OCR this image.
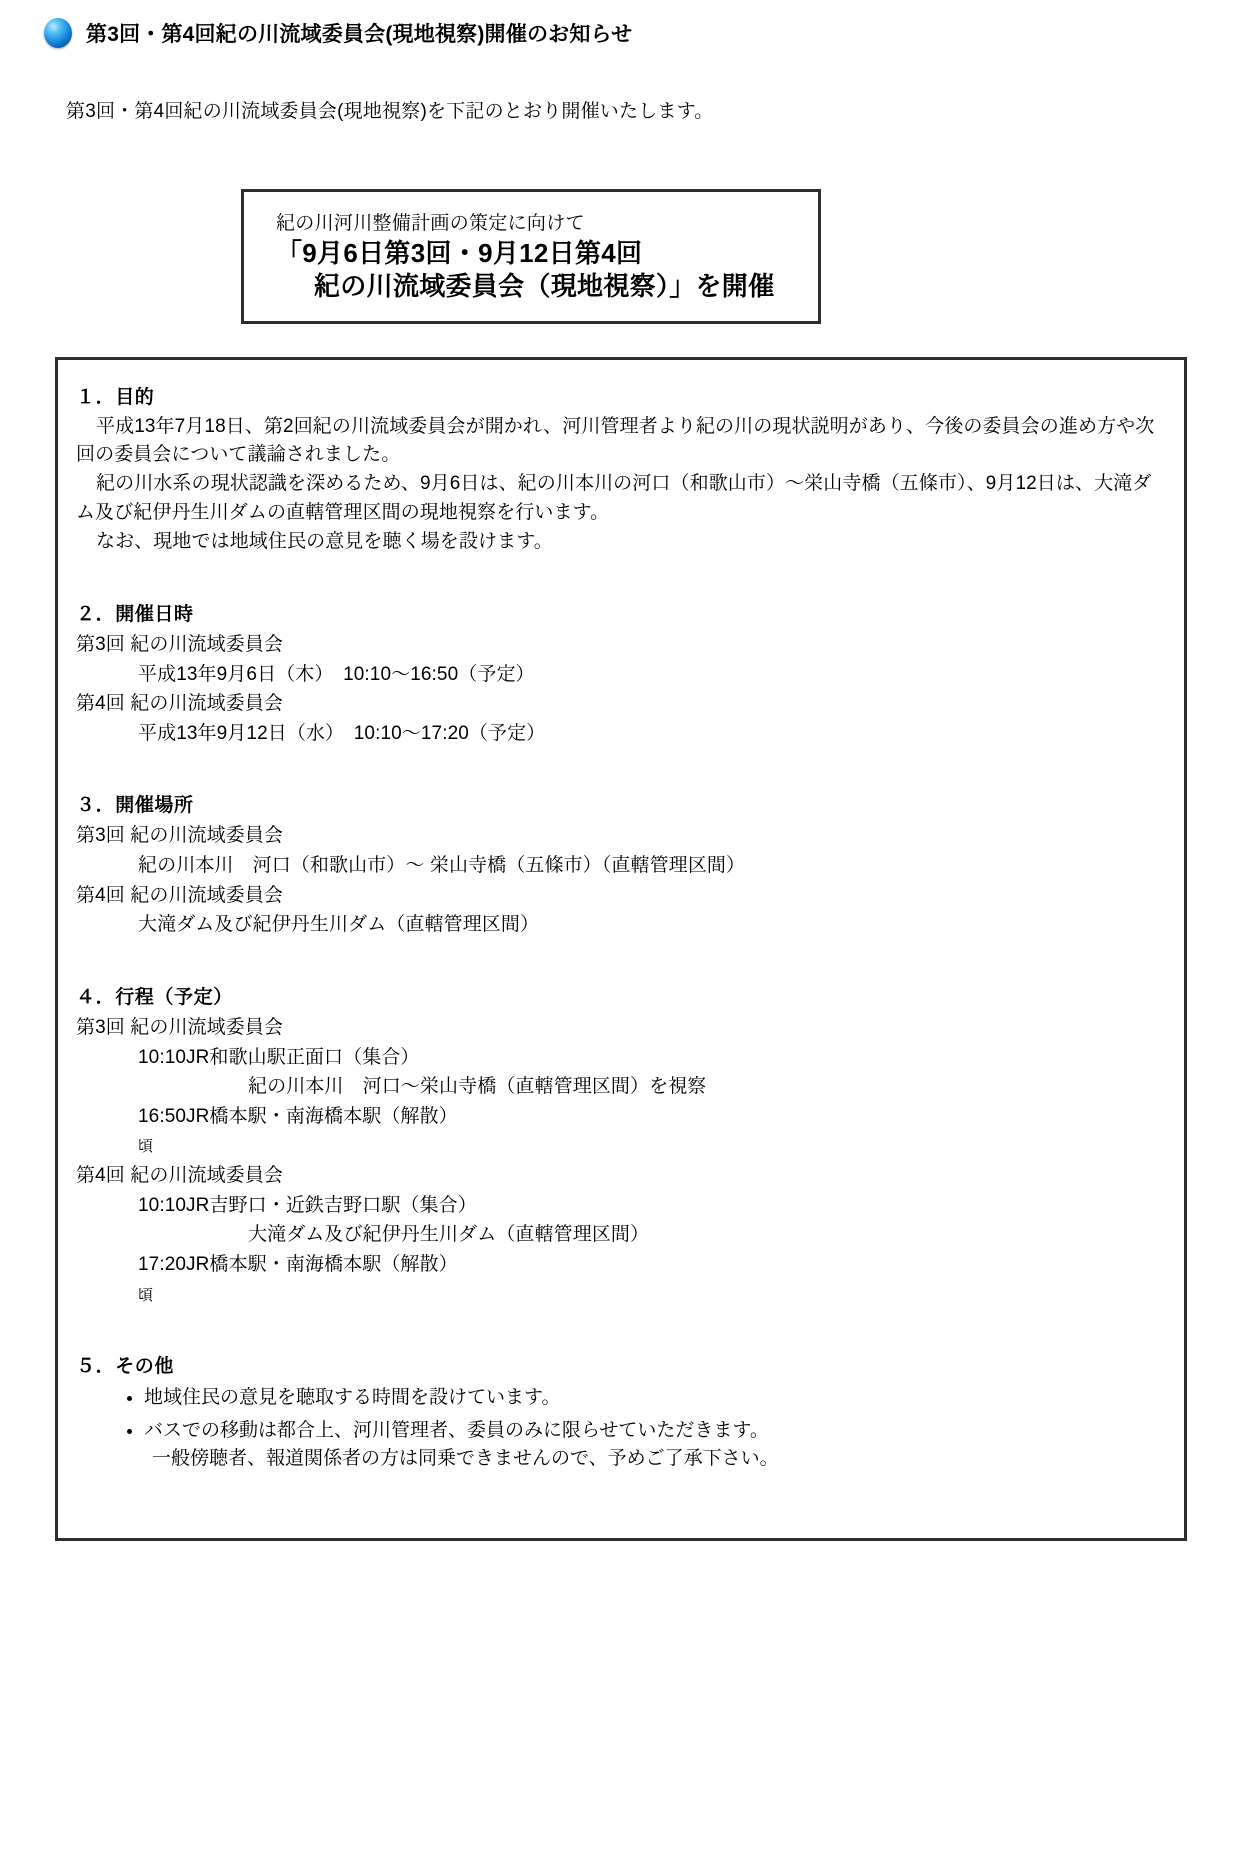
第3回・第4回紀の川流域委員会(現地視察)開催のお知らせ
第3回・第4回紀の川流域委員会(現地視察)を下記のとおり開催いたします。
紀の川河川整備計画の策定に向けて
「9月6日第3回・9月12日第4回
紀の川流域委員会（現地視察）」を開催
１．目的

平成13年7月18日、第2回紀の川流域委員会が開かれ、河川管理者より紀の川の現状説明があり、今後の委員会の進め方や次回の委員会について議論されました。

紀の川水系の現状認識を深めるため、9月6日は、紀の川本川の河口（和歌山市）〜栄山寺橋（五條市）、9月12日は、大滝ダム及び紀伊丹生川ダムの直轄管理区間の現地視察を行います。

なお、現地では地域住民の意見を聴く場を設けます。

２．開催日時

第3回 紀の川流域委員会

平成13年9月6日（木）　10:10〜16:50（予定）

第4回 紀の川流域委員会

平成13年9月12日（水）　10:10〜17:20（予定）

３．開催場所

第3回 紀の川流域委員会

紀の川本川　河口（和歌山市）〜 栄山寺橋（五條市）（直轄管理区間）

第4回 紀の川流域委員会

大滝ダム及び紀伊丹生川ダム（直轄管理区間）

４．行程（予定）

第3回 紀の川流域委員会

10:10 JR和歌山駅正面口（集合）
紀の川本川　河口〜栄山寺橋（直轄管理区間）を視察
16:50頃
JR橋本駅・南海橋本駅（解散）

第4回 紀の川流域委員会

10:10 JR吉野口・近鉄吉野口駅（集合）
大滝ダム及び紀伊丹生川ダム（直轄管理区間）
17:20頃
JR橋本駅・南海橋本駅（解散）
５．その他
• 地域住民の意見を聴取する時間を設けています。
• バスでの移動は都合上、河川管理者、委員のみに限らせていただきます。

一般傍聴者、報道関係者の方は同乗できませんので、予めご了承下さい。
